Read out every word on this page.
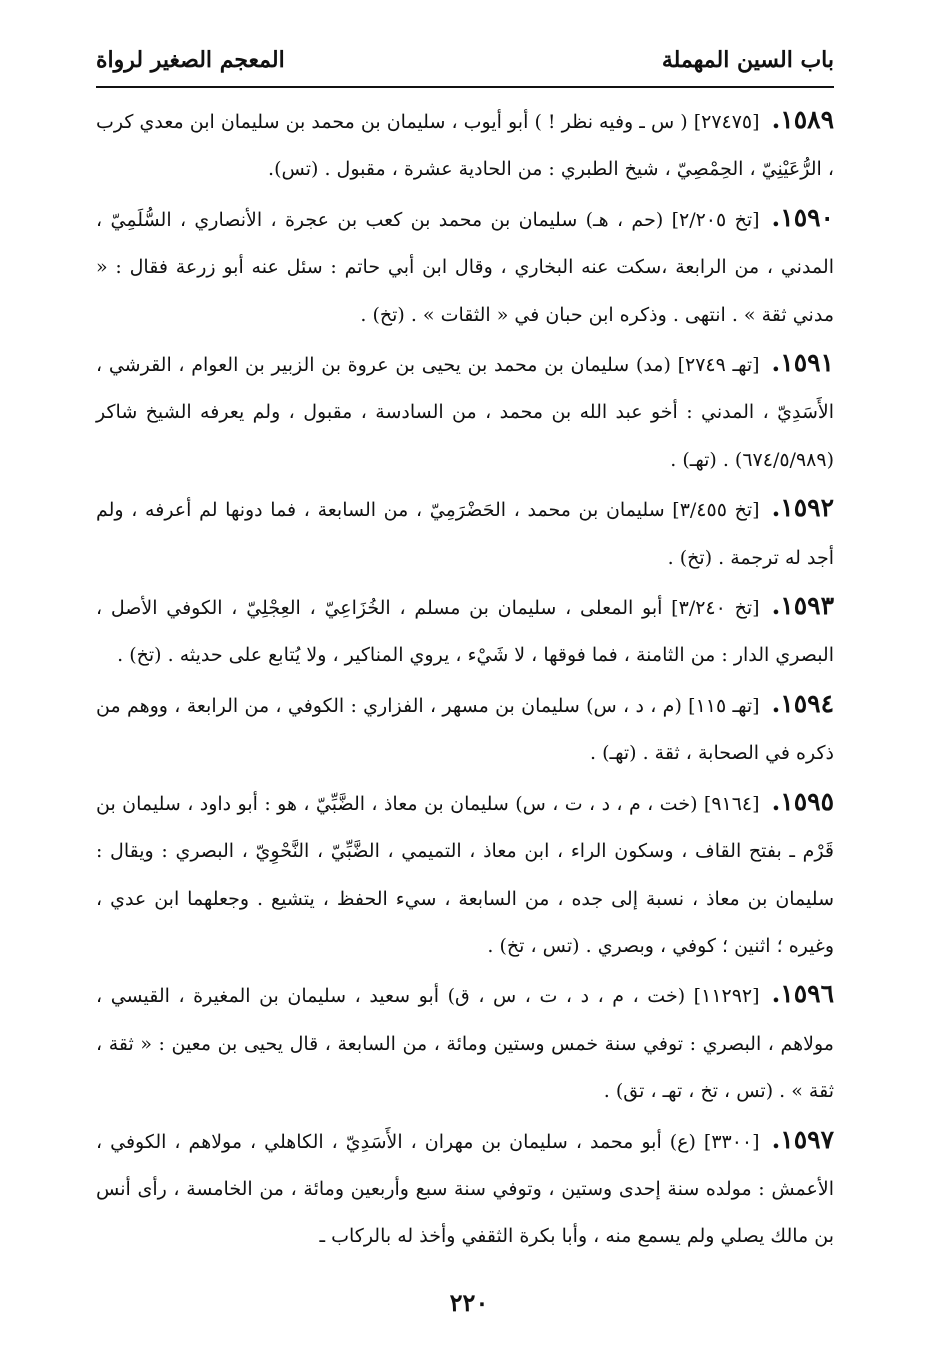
باب السين المهملة
المعجم الصغير لرواة

١٥٨٩.[٢٧٤٧٥] ( س ـ وفيه نظر ! ) أبو أيوب ، سليمان بن محمد بن سليمان ابن معدي كرب ، الرُّعَيْنِيّ ، الحِمْصِيّ ، شيخ الطبري : من الحادية عشرة ، مقبول . (تس).

١٥٩٠.[تخ ٢/٢٠٥] (حم ، هـ) سليمان بن محمد بن كعب بن عجرة ، الأنصاري ، السُّلَمِيّ ، المدني ، من الرابعة ،سكت عنه البخاري ، وقال ابن أبي حاتم : سئل عنه أبو زرعة فقال : « مدني ثقة » . انتهى . وذكره ابن حبان في « الثقات » . (تخ) .

١٥٩١.[تهـ ٢٧٤٩] (مد) سليمان بن محمد بن يحيى بن عروة بن الزبير بن العوام ، القرشي ، الأَسَدِيّ ، المدني : أخو عبد الله بن محمد ، من السادسة ، مقبول ، ولم يعرفه الشيخ شاكر (٦٧٤/٥/٩٨٩) . (تهـ) .

١٥٩٢.[تخ ٣/٤٥٥] سليمان بن محمد ، الحَضْرَمِيّ ، من السابعة ، فما دونها لم أعرفه ، ولم أجد له ترجمة . (تخ) .

١٥٩٣.[تخ ٣/٢٤٠] أبو المعلى ، سليمان بن مسلم ، الخُزَاعِيّ ، العِجْلِيّ ، الكوفي الأصل ، البصري الدار : من الثامنة ، فما فوقها ، لا شَيْء ، يروي المناكير ، ولا يُتابع على حديثه . (تخ) .

١٥٩٤.[تهـ ١١٥] (م ، د ، س) سليمان بن مسهر ، الفزاري : الكوفي ، من الرابعة ، ووهم من ذكره في الصحابة ، ثقة . (تهـ) .

١٥٩٥.[٩١٦٤] (خت ، م ، د ، ت ، س) سليمان بن معاذ ، الضَّبِّيّ ، هو : أبو داود ، سليمان بن قَرْم ـ بفتح القاف ، وسكون الراء ، ابن معاذ ، التميمي ، الضَّبِّيّ ، النَّحْوِيّ ، البصري : ويقال : سليمان بن معاذ ، نسبة إلى جده ، من السابعة ، سيء الحفظ ، يتشيع . وجعلهما ابن عدي ، وغيره ؛ اثنين ؛ كوفي ، وبصري . (تس ، تخ) .

١٥٩٦.[١١٢٩٢] (خت ، م ، د ، ت ، س ، ق) أبو سعيد ، سليمان بن المغيرة ، القيسي ، مولاهم ، البصري : توفي سنة خمس وستين ومائة ، من السابعة ، قال يحيى بن معين : « ثقة ، ثقة » . (تس ، تخ ، تهـ ، تق) .

١٥٩٧.[٣٣٠٠] (ع) أبو محمد ، سليمان بن مهران ، الأَسَدِيّ ، الكاهلي ، مولاهم ، الكوفي ، الأعمش : مولده سنة إحدى وستين ، وتوفي سنة سبع وأربعين ومائة ، من الخامسة ، رأى أنس بن مالك يصلي ولم يسمع منه ، وأبا بكرة الثقفي وأخذ له بالركاب ـ

٢٢٠
